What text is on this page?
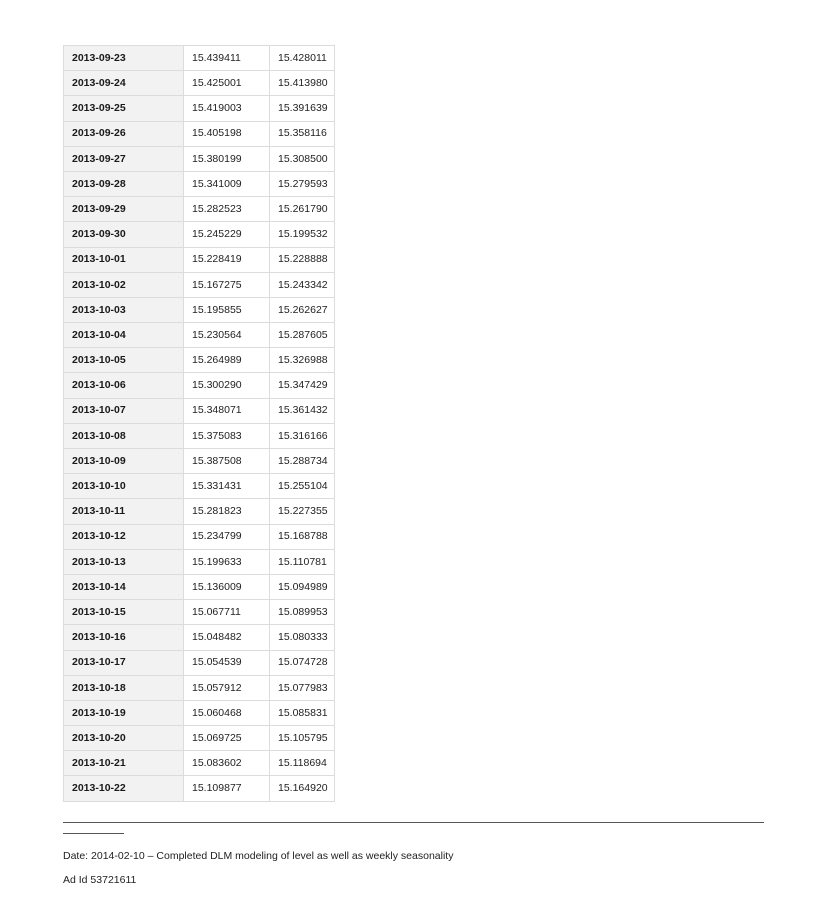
2013-09-23	15.439411	15.428011
2013-09-24	15.425001	15.413980
2013-09-25	15.419003	15.391639
2013-09-26	15.405198	15.358116
2013-09-27	15.380199	15.308500
2013-09-28	15.341009	15.279593
2013-09-29	15.282523	15.261790
2013-09-30	15.245229	15.199532
2013-10-01	15.228419	15.228888
2013-10-02	15.167275	15.243342
2013-10-03	15.195855	15.262627
2013-10-04	15.230564	15.287605
2013-10-05	15.264989	15.326988
2013-10-06	15.300290	15.347429
2013-10-07	15.348071	15.361432
2013-10-08	15.375083	15.316166
2013-10-09	15.387508	15.288734
2013-10-10	15.331431	15.255104
2013-10-11	15.281823	15.227355
2013-10-12	15.234799	15.168788
2013-10-13	15.199633	15.110781
2013-10-14	15.136009	15.094989
2013-10-15	15.067711	15.089953
2013-10-16	15.048482	15.080333
2013-10-17	15.054539	15.074728
2013-10-18	15.057912	15.077983
2013-10-19	15.060468	15.085831
2013-10-20	15.069725	15.105795
2013-10-21	15.083602	15.118694
2013-10-22	15.109877	15.164920
Date: 2014-02-10 – Completed DLM modeling of level as well as weekly seasonality
Ad Id 53721611
